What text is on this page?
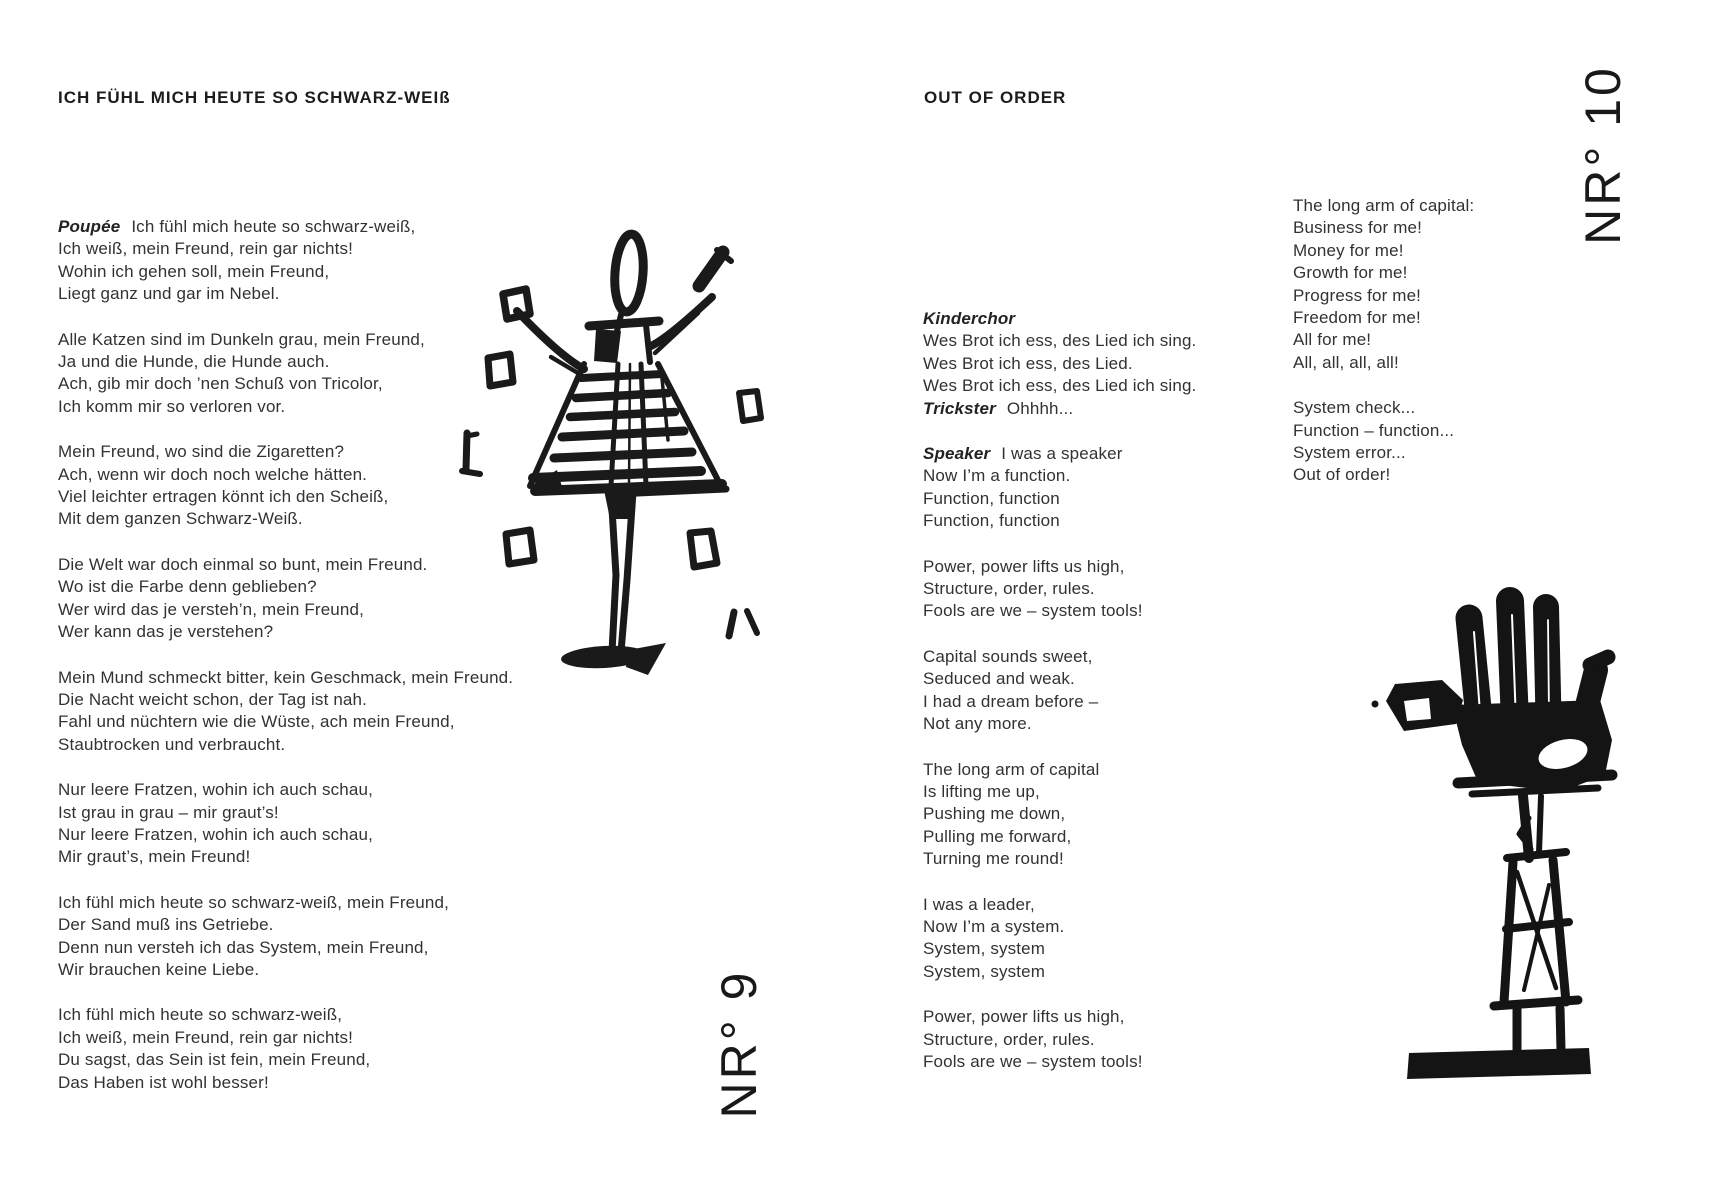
ICH FÜHL MICH HEUTE SO SCHWARZ-WEIß	OUT OF ORDER

Poupée Ich fühl mich heute so schwarz-weiß,
Ich weiß, mein Freund, rein gar nichts!
Wohin ich gehen soll, mein Freund,
Liegt ganz und gar im Nebel.

Alle Katzen sind im Dunkeln grau, mein Freund,
Ja und die Hunde, die Hunde auch.
Ach, gib mir doch ’nen Schuß von Tricolor,
Ich komm mir so verloren vor.

Mein Freund, wo sind die Zigaretten?
Ach, wenn wir doch noch welche hätten.
Viel leichter ertragen könnt ich den Scheiß,
Mit dem ganzen Schwarz-Weiß.

Die Welt war doch einmal so bunt, mein Freund.
Wo ist die Farbe denn geblieben?
Wer wird das je versteh’n, mein Freund,
Wer kann das je verstehen?

Mein Mund schmeckt bitter, kein Geschmack, mein Freund.
Die Nacht weicht schon, der Tag ist nah.
Fahl und nüchtern wie die Wüste, ach mein Freund,
Staubtrocken und verbraucht.

Nur leere Fratzen, wohin ich auch schau,
Ist grau in grau – mir graut’s!
Nur leere Fratzen, wohin ich auch schau,
Mir graut’s, mein Freund!

Ich fühl mich heute so schwarz-weiß, mein Freund,
Der Sand muß ins Getriebe.
Denn nun versteh ich das System, mein Freund,
Wir brauchen keine Liebe.

Ich fühl mich heute so schwarz-weiß,
Ich weiß, mein Freund, rein gar nichts!
Du sagst, das Sein ist fein, mein Freund,
Das Haben ist wohl besser!

Kinderchor
Wes Brot ich ess, des Lied ich sing.
Wes Brot ich ess, des Lied.
Wes Brot ich ess, des Lied ich sing.
Trickster Ohhhh...

Speaker I was a speaker
Now I’m a function.
Function, function
Function, function

Power, power lifts us high,
Structure, order, rules.
Fools are we – system tools!

Capital sounds sweet,
Seduced and weak.
I had a dream before –
Not any more.

The long arm of capital
Is lifting me up,
Pushing me down,
Pulling me forward,
Turning me round!

I was a leader,
Now I’m a system.
System, system
System, system

Power, power lifts us high,
Structure, order, rules.
Fools are we – system tools!

The long arm of capital:
Business for me!
Money for me!
Growth for me!
Progress for me!
Freedom for me!
All for me!
All, all, all, all!

System check...
Function – function...
System error...
Out of order!

NR° 9
NR° 10
